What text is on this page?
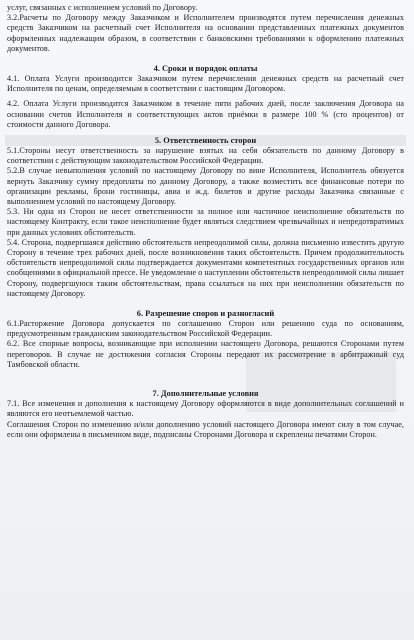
услуг, связанных с исполнением условий по Договору.

3.2.Расчеты по Договору между Заказчиком и Исполнителем производятся путем перечисления денежных средств Заказчиком на расчетный счет Исполнителя на основании представленных платежных документов оформленных надлежащим образом, в соответствии с банковскими требованиями к оформлению платежных документов.

4. Сроки и порядок оплаты

4.1. Оплата Услуги производится Заказчиком путем перечисления денежных средств на расчетный счет Исполнителя по ценам, определяемым в соответствии с настоящим Договором.

4.2. Оплата Услуги производится Заказчиком в течение пяти рабочих дней, после заключения Договора на основании счетов Исполнителя и соответствующих актов приёмки в размере 100 % (сто процентов) от стоимости данного Договора.

5. Ответственность сторон

5.1.Стороны несут ответственность за нарушение взятых на себя обязательств по данному Договору в соответствии с действующим законодательством Российской Федерации.

5.2.В случае невыполнения условий по настоящему Договору по вине Исполнителя, Исполнитель обязуется вернуть Заказчику сумму предоплаты по данному Договору, а также возместить все финансовые потери по организации рекламы, брони гостиницы, авиа и ж.д. билетов и другие расходы Заказчика связанные с выполнением условий по настоящему Договору.

5.3. Ни одна из Сторон не несет ответственности за полное или частичное неисполнение обязательств по настоящему Контракту, если такое неисполнение будет являться следствием чрезвычайных и непредотвратимых при данных условиях обстоятельств.

5.4. Сторона, подвергшаяся действию обстоятельств непреодолимой силы, должна письменно известить другую Сторону в течение трех рабочих дней, после возникновения таких обстоятельств. Причем продолжительность обстоятельств непреодолимой силы подтверждается документами компетентных государственных органов или сообщениями в официальной прессе. Не уведомление о наступлении обстоятельств непреодолимой силы лишает Сторону, подвергшуюся таким обстоятельствам, права ссылаться на них при неисполнении обязательств по настоящему Договору.

6. Разрешение споров и разногласий

6.1.Расторжение Договора допускается по соглашению Сторон или решению суда по основаниям, предусмотренным гражданским законодательством Российской Федерации.

6.2. Все спорные вопросы, возникающие при исполнении настоящего Договора, решаются Сторонами путем переговоров. В случае не достижения согласия Стороны передают их рассмотрение в арбитражный суд Тамбовской области.

7. Дополнительные условия

7.1. Все изменения и дополнения к настоящему Договору оформляются в виде дополнительных соглашений и являются его неотъемлемой частью.

Соглашения Сторон по изменению и/или дополнению условий настоящего Договора имеют силу в том случае, если они оформлены в письменном виде, подписаны Сторонами Договора и скреплены печатями Сторон.
